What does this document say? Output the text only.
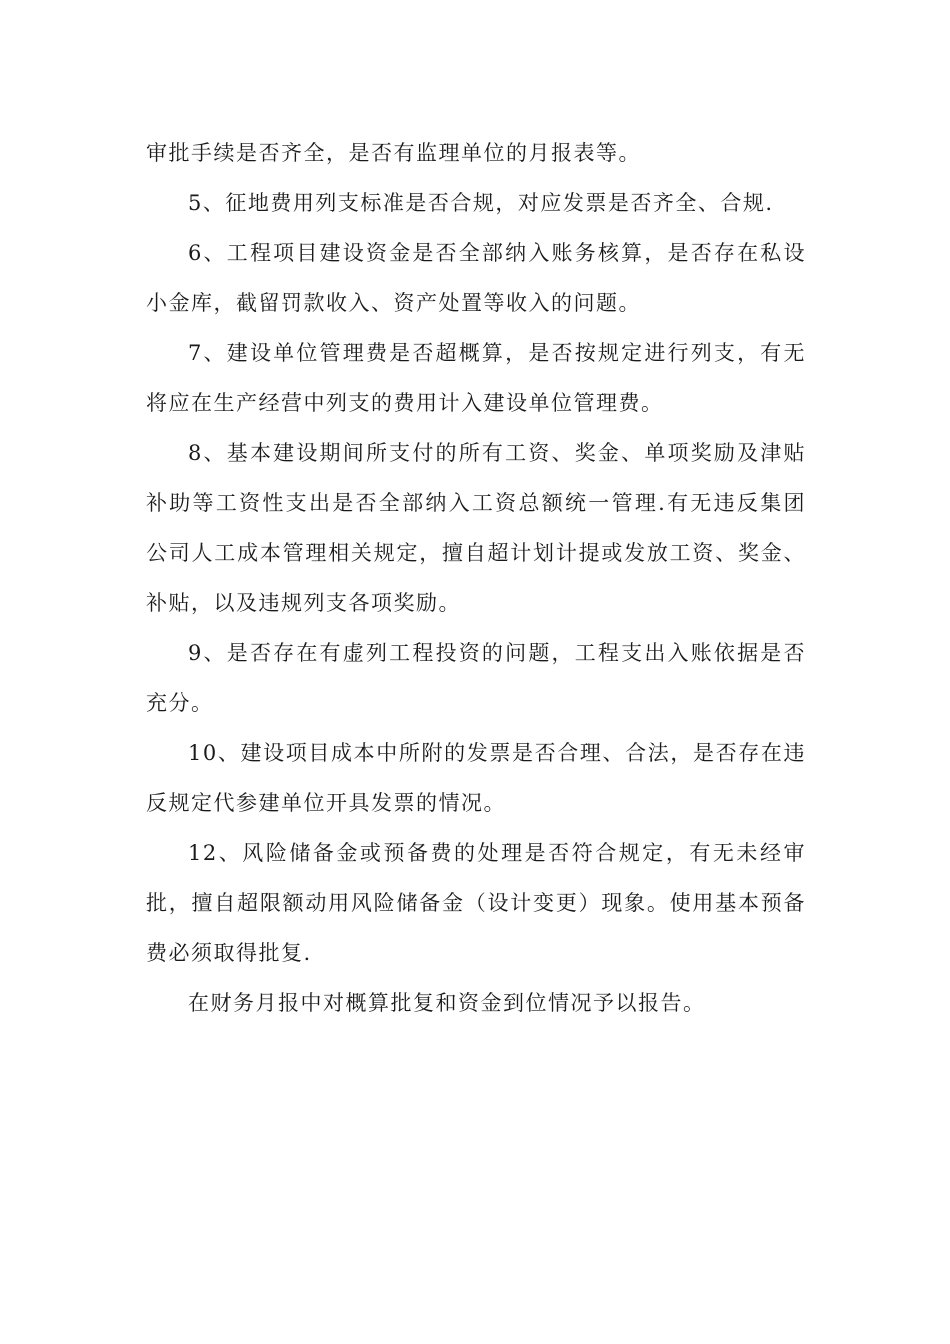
审批手续是否齐全，是否有监理单位的月报表等。

5、征地费用列支标准是否合规，对应发票是否齐全、合规.

6、工程项目建设资金是否全部纳入账务核算，是否存在私设小金库，截留罚款收入、资产处置等收入的问题。

7、建设单位管理费是否超概算，是否按规定进行列支，有无将应在生产经营中列支的费用计入建设单位管理费。

8、基本建设期间所支付的所有工资、奖金、单项奖励及津贴补助等工资性支出是否全部纳入工资总额统一管理.有无违反集团公司人工成本管理相关规定，擅自超计划计提或发放工资、奖金、补贴，以及违规列支各项奖励。

9、是否存在有虚列工程投资的问题，工程支出入账依据是否充分。

10、建设项目成本中所附的发票是否合理、合法，是否存在违反规定代参建单位开具发票的情况。

12、风险储备金或预备费的处理是否符合规定，有无未经审批，擅自超限额动用风险储备金（设计变更）现象。使用基本预备费必须取得批复.

在财务月报中对概算批复和资金到位情况予以报告。
